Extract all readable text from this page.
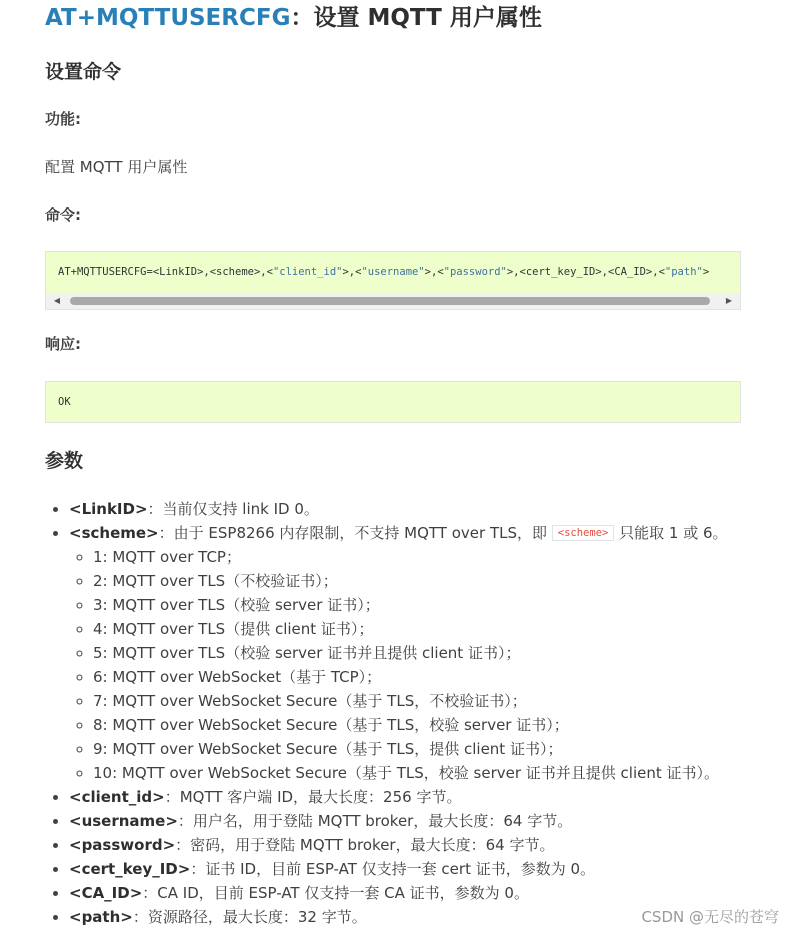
AT+MQTTUSERCFG：设置 MQTT 用户属性
设置命令
功能:
配置 MQTT 用户属性
命令:
AT+MQTTUSERCFG=<LinkID>,<scheme>,<"client_id">,<"username">,<"password">,<cert_key_ID>,<CA_ID>,<"path">
◀	▶
响应:
OK
参数
• <LinkID>：当前仅支持 link ID 0。
• <scheme>：由于 ESP8266 内存限制，不支持 MQTT over TLS，即 <scheme> 只能取 1 或 6。
◦ 1: MQTT over TCP；
◦ 2: MQTT over TLS（不校验证书）；
◦ 3: MQTT over TLS（校验 server 证书）；
◦ 4: MQTT over TLS（提供 client 证书）；
◦ 5: MQTT over TLS（校验 server 证书并且提供 client 证书）；
◦ 6: MQTT over WebSocket（基于 TCP）；
◦ 7: MQTT over WebSocket Secure（基于 TLS，不校验证书）；
◦ 8: MQTT over WebSocket Secure（基于 TLS，校验 server 证书）；
◦ 9: MQTT over WebSocket Secure（基于 TLS，提供 client 证书）；
◦ 10: MQTT over WebSocket Secure（基于 TLS，校验 server 证书并且提供 client 证书）。
• <client_id>：MQTT 客户端 ID，最大长度：256 字节。
• <username>：用户名，用于登陆 MQTT broker，最大长度：64 字节。
• <password>：密码，用于登陆 MQTT broker，最大长度：64 字节。
• <cert_key_ID>：证书 ID，目前 ESP-AT 仅支持一套 cert 证书，参数为 0。
• <CA_ID>：CA ID，目前 ESP-AT 仅支持一套 CA 证书，参数为 0。
• <path>：资源路径，最大长度：32 字节。	CSDN @无尽的苍穹
